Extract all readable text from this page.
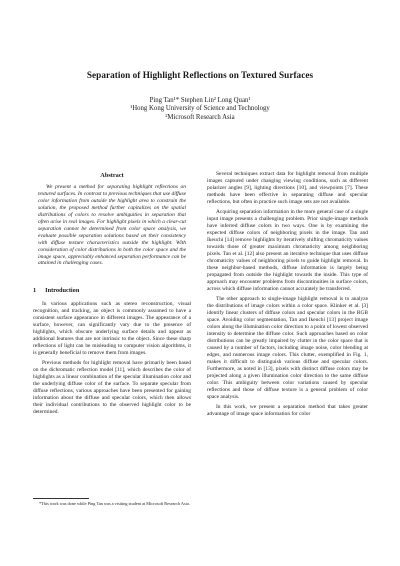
Separation of Highlight Reflections on Textured Surfaces
Ping Tan¹* Stephen Lin² Long Quan¹
¹Hong Kong University of Science and Technology
²Microsoft Research Asia
Abstract

We present a method for separating highlight reflections on textured surfaces. In contrast to previous techniques that use diffuse color information from outside the highlight area to constrain the solution, the proposed method further capitalizes on the spatial distributions of colors to resolve ambiguities in separation that often arise in real images. For highlight pixels in which a clear-cut separation cannot be determined from color space analysis, we evaluate possible separation solutions based on their consistency with diffuse texture characteristics outside the highlight. With consideration of color distributions in both the color space and the image space, appreciably enhanced separation performance can be attained in challenging cases.

1 Introduction

In various applications such as stereo reconstruction, visual recognition, and tracking, an object is commonly assumed to have a consistent surface appearance in different images. The appearance of a surface, however, can significantly vary due to the presence of highlights, which obscure underlying surface details and appear as additional features that are not intrinsic to the object. Since these sharp reflections of light can be misleading to computer vision algorithms, it is generally beneficial to remove them from images.

Previous methods for highlight removal have primarily been based on the dichromatic reflection model [11], which describes the color of highlights as a linear combination of the specular illumination color and the underlying diffuse color of the surface. To separate specular from diffuse reflections, various approaches have been presented for gaining information about the diffuse and specular colors, which then allows their individual contributions to the observed highlight color to be determined.

*This work was done while Ping Tan was a visiting student at Microsoft Research Asia.

Several techniques extract data for highlight removal from multiple images captured under changing viewing conditions, such as different polarizer angles [9], lighting directions [10], and viewpoints [7]. These methods have been effective in separating diffuse and specular reflections, but often in practice such image sets are not available.

Acquiring separation information in the more general case of a single input image presents a challenging problem. Prior single-image methods have inferred diffuse colors in two ways. One is by examining the expected diffuse colors of neighboring pixels in the image. Tan and Ikeuchi [14] remove highlights by iteratively shifting chromaticity values towards those of greater maximum chromaticity among neighboring pixels. Tan et al. [12] also present an iterative technique that uses diffuse chromaticity values of neighboring pixels to guide highlight removal. In these neighbor-based methods, diffuse information is largely being propagated from outside the highlight towards the inside. This type of approach may encounter problems from discontinuities in surface colors, across which diffuse information cannot accurately be transferred.

The other approach to single-image highlight removal is to analyze the distributions of image colors within a color space. Klinker et al. [3] identify linear clusters of diffuse colors and specular colors in the RGB space. Avoiding color segmentation, Tan and Ikeuchi [13] project image colors along the illumination color direction to a point of lowest observed intensity to determine the diffuse color. Such approaches based on color distributions can be greatly impaired by clutter in the color space that is caused by a number of factors, including image noise, color blending at edges, and numerous image colors. This clutter, exemplified in Fig. 1, makes it difficult to distinguish various diffuse and specular colors. Furthermore, as noted in [13], pixels with distinct diffuse colors may be projected along a given illumination color direction to the same diffuse color. This ambiguity between color variations caused by specular reflections and those of diffuse texture is a general problem of color space analysis.

In this work, we present a separation method that takes greater advantage of image space information for color
